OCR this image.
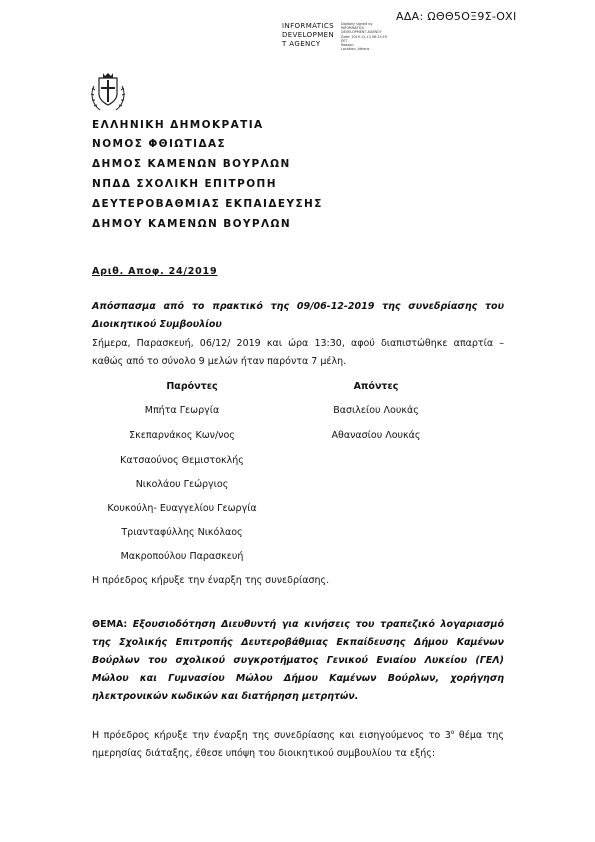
ΑΔΑ: ΩΘΘ5ΟΞ9Σ-ΟΧΙ
INFORMATICS
DEVELOPMEN
T AGENCY
Digitally signed by
INFORMATICS
DEVELOPMENT AGENCY
Date: 2019.12.13 08:13:19
EET
Reason:
Location: Athens
ΕΛΛΗΝΙΚΗ ΔΗΜΟΚΡΑΤΙΑ
ΝΟΜΟΣ ΦΘΙΩΤΙΔΑΣ
ΔΗΜΟΣ ΚΑΜΕΝΩΝ ΒΟΥΡΛΩΝ
ΝΠΔΔ ΣΧΟΛΙΚΗ ΕΠΙΤΡΟΠΗ
ΔΕΥΤΕΡΟΒΑΘΜΙΑΣ ΕΚΠΑΙΔΕΥΣΗΣ
ΔΗΜΟΥ ΚΑΜΕΝΩΝ ΒΟΥΡΛΩΝ
Αριθ. Αποφ. 24/2019
Απόσπασμα από το πρακτικό της 09/06-12-2019 της συνεδρίασης του Διοικητικού Συμβουλίου
Σήμερα, Παρασκευή, 06/12/ 2019 και ώρα 13:30, αφού διαπιστώθηκε απαρτία – καθώς από το σύνολο 9 μελών ήταν παρόντα 7 μέλη.
Παρόντες	Απόντες
Μπήτα Γεωργία
Σκεπαρνάκος Κων/νος
Κατσαούνος Θεμιστοκλής
Νικολάου Γεώργιος
Κουκούλη- Ευαγγελίου Γεωργία
Τριανταφύλλης Νικόλαος
Μακροπούλου Παρασκευή
Βασιλείου Λουκάς
Αθανασίου Λουκάς
Η πρόεδρος κήρυξε την έναρξη της συνεδρίασης.
ΘΕΜΑ: Εξουσιοδότηση Διευθυντή για κινήσεις του τραπεζικό λογαριασμό της Σχολικής Επιτροπής Δευτεροβάθμιας Εκπαίδευσης Δήμου Καμένων Βούρλων του σχολικού συγκροτήματος Γενικού Ενιαίου Λυκείου (ΓΕΛ) Μώλου και Γυμνασίου Μώλου Δήμου Καμένων Βούρλων, χορήγηση ηλεκτρονικών κωδικών και διατήρηση μετρητών.
Η πρόεδρος κήρυξε την έναρξη της συνεδρίασης και εισηγούμενος το $3^o$ θέμα της ημερησίας διάταξης, έθεσε υπόψη του διοικητικού συμβουλίου τα εξής:
